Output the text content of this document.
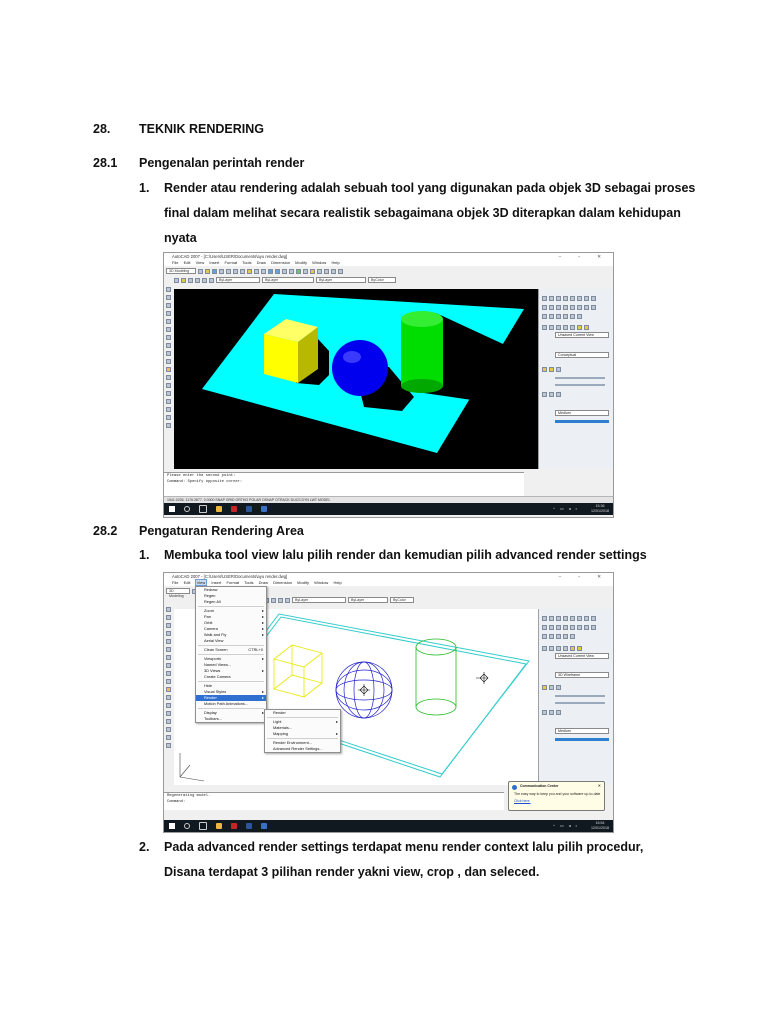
28. TEKNIK RENDERING
28.1 Pengenalan perintah render
1. Render atau rendering adalah sebuah tool yang digunakan pada objek 3D sebagai proses
final dalam melihat secara realistik sebagaimana objek 3D diterapkan dalam kehidupan
nyata
AutoCAD 2007 - [C:\Users\USER\Documents\ayu render.dwg]	– ▫ ✕
File Edit View Insert Format Tools Draw Dimension Modify Window Help
3D Modeling
ByLayer	ByLayer	ByLayer	ByColor
Unsaved Current View
Conceptual
Medium
Please enter the second point:
Command: Specify opposite corner:
1541.0236, 1176.2877, 0.0000 SNAP GRID ORTHO POLAR OSNAP OTRACK DUCS DYN LWT MODEL
^ ▭ ◂ ▪
15:36
12/01/2018
28.2 Pengaturan Rendering Area
1. Membuka tool view lalu pilih render dan kemudian pilih advanced render settings
AutoCAD 2007 - [C:\Users\USER\Documents\ayu render.dwg]	– ▫ ✕
File Edit View Insert Format Tools Draw Dimension Modify Window Help
3D Modeling
ByLayer	ByLayer	ByColor
Unsaved Current View
3D Wireframe
Medium
Redraw
Regen
Regen All
Zoom	▸
Pan	▸
Orbit	▸
Camera	▸
Walk and Fly	▸
Aerial View
Clean Screen	CTRL+0
Viewports	▸
Named Views...
3D Views	▸
Create Camera
Hide
Visual Styles	▸
Render	▸
Motion Path Animations...
Display
Toolbars...
Render
Light	▸
Materials...
Mapping	▸
Render Environment...
Advanced Render Settings...
Regenerating model.
Command:
Communication Center	✕
The easy way to keep you and your software up-to-date
Click here.
^ ▭ ◂ ▪
15:54
12/01/2018
2. Pada advanced render settings terdapat menu render context lalu pilih procedur,
Disana terdapat 3 pilihan render yakni view, crop , dan seleced.
